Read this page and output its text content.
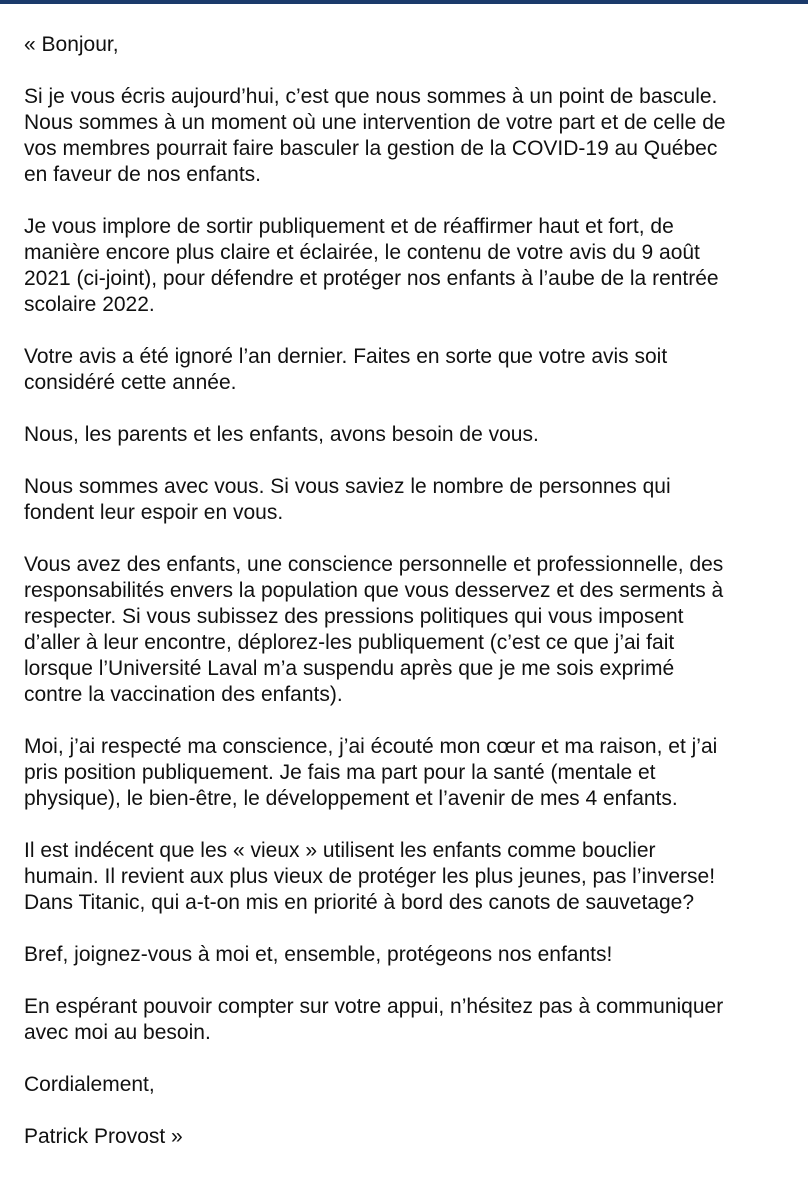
« Bonjour,

Si je vous écris aujourd’hui, c’est que nous sommes à un point de bascule.
Nous sommes à un moment où une intervention de votre part et de celle de
vos membres pourrait faire basculer la gestion de la COVID-19 au Québec
en faveur de nos enfants.

Je vous implore de sortir publiquement et de réaffirmer haut et fort, de
manière encore plus claire et éclairée, le contenu de votre avis du 9 août
2021 (ci-joint), pour défendre et protéger nos enfants à l’aube de la rentrée
scolaire 2022.

Votre avis a été ignoré l’an dernier. Faites en sorte que votre avis soit
considéré cette année.

Nous, les parents et les enfants, avons besoin de vous.

Nous sommes avec vous. Si vous saviez le nombre de personnes qui
fondent leur espoir en vous.

Vous avez des enfants, une conscience personnelle et professionnelle, des
responsabilités envers la population que vous desservez et des serments à
respecter. Si vous subissez des pressions politiques qui vous imposent
d’aller à leur encontre, déplorez-les publiquement (c’est ce que j’ai fait
lorsque l’Université Laval m’a suspendu après que je me sois exprimé
contre la vaccination des enfants).

Moi, j’ai respecté ma conscience, j’ai écouté mon cœur et ma raison, et j’ai
pris position publiquement. Je fais ma part pour la santé (mentale et
physique), le bien-être, le développement et l’avenir de mes 4 enfants.

Il est indécent que les « vieux » utilisent les enfants comme bouclier
humain. Il revient aux plus vieux de protéger les plus jeunes, pas l’inverse!
Dans Titanic, qui a-t-on mis en priorité à bord des canots de sauvetage?

Bref, joignez-vous à moi et, ensemble, protégeons nos enfants!

En espérant pouvoir compter sur votre appui, n’hésitez pas à communiquer
avec moi au besoin.

Cordialement,

Patrick Provost »
